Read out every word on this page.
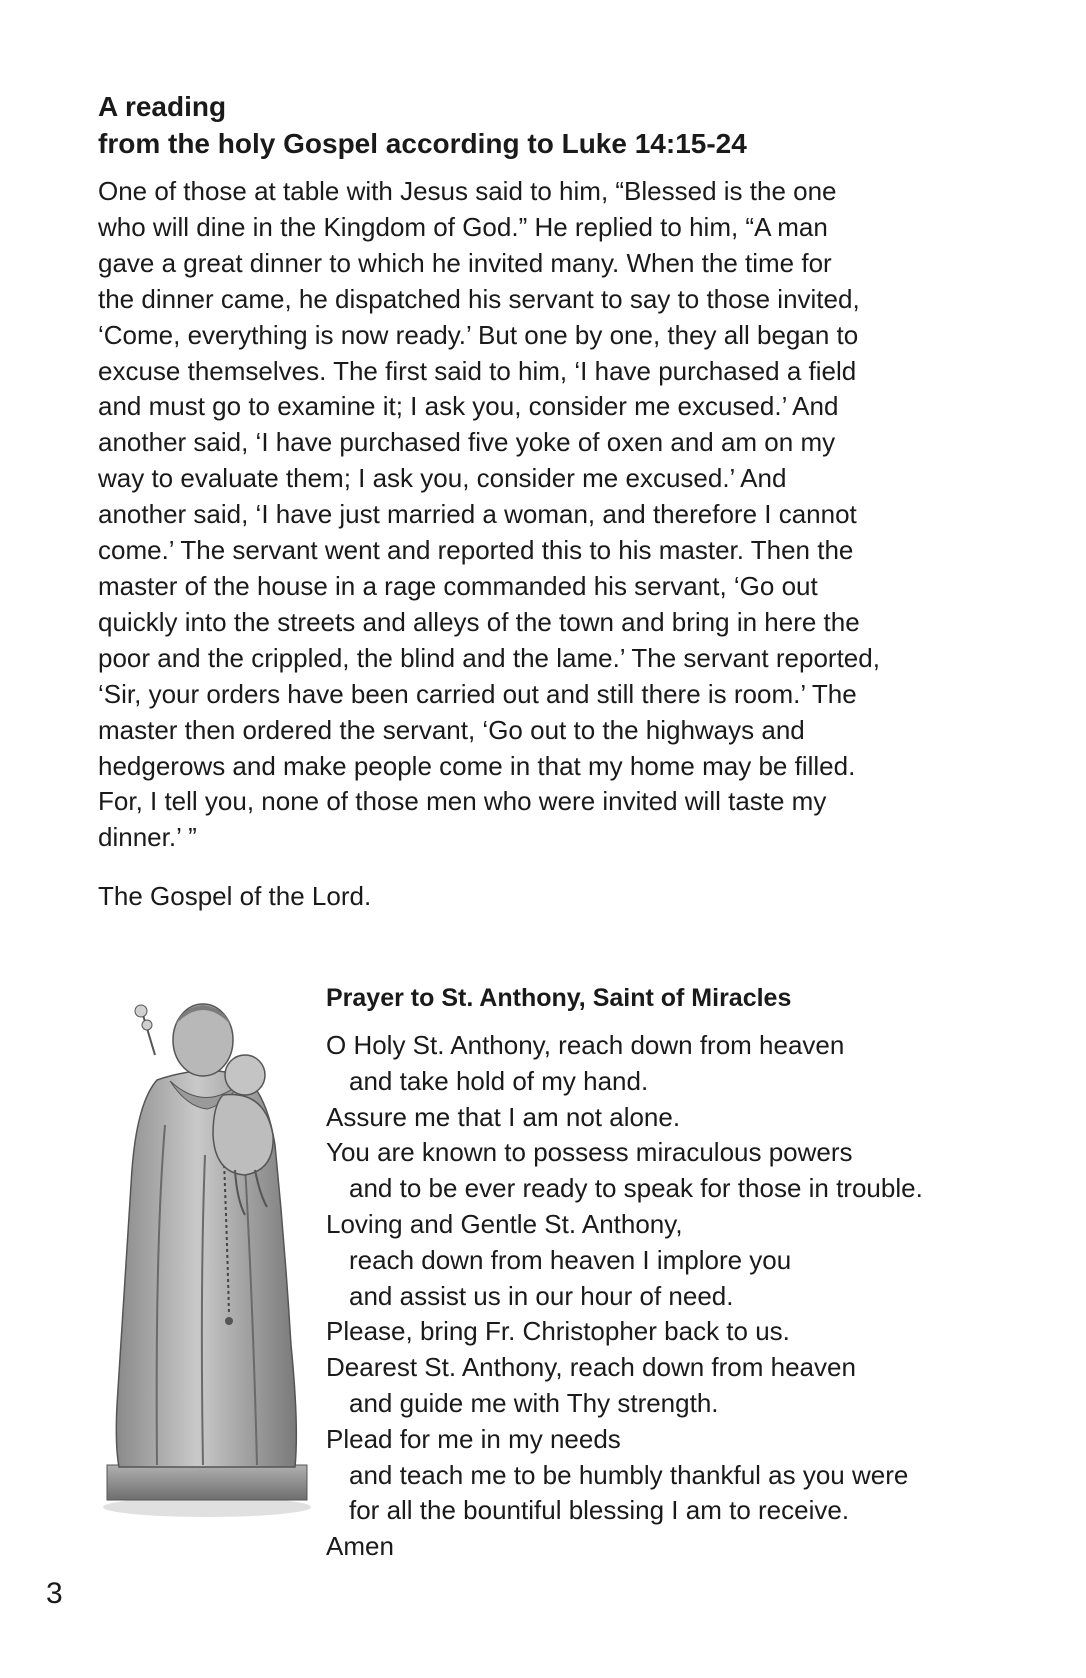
A reading
from the holy Gospel according to Luke 14:15-24

One of those at table with Jesus said to him, “Blessed is the one
who will dine in the Kingdom of God.” He replied to him, “A man
gave a great dinner to which he invited many. When the time for
the dinner came, he dispatched his servant to say to those invited,
‘Come, everything is now ready.’ But one by one, they all began to
excuse themselves. The first said to him, ‘I have purchased a field
and must go to examine it; I ask you, consider me excused.’ And
another said, ‘I have purchased five yoke of oxen and am on my
way to evaluate them; I ask you, consider me excused.’ And
another said, ‘I have just married a woman, and therefore I cannot
come.’ The servant went and reported this to his master. Then the
master of the house in a rage commanded his servant, ‘Go out
quickly into the streets and alleys of the town and bring in here the
poor and the crippled, the blind and the lame.’ The servant reported,
‘Sir, your orders have been carried out and still there is room.’ The
master then ordered the servant, ‘Go out to the highways and
hedgerows and make people come in that my home may be filled.
For, I tell you, none of those men who were invited will taste my
dinner.’ ”
The Gospel of the Lord.

Prayer to St. Anthony, Saint of Miracles

O Holy St. Anthony, reach down from heaven
and take hold of my hand.
Assure me that I am not alone.
You are known to possess miraculous powers
and to be ever ready to speak for those in trouble.
Loving and Gentle St. Anthony,
reach down from heaven I implore you
and assist us in our hour of need.
Please, bring Fr. Christopher back to us.
Dearest St. Anthony, reach down from heaven
and guide me with Thy strength.
Plead for me in my needs
and teach me to be humbly thankful as you were
for all the bountiful blessing I am to receive.
Amen
3
